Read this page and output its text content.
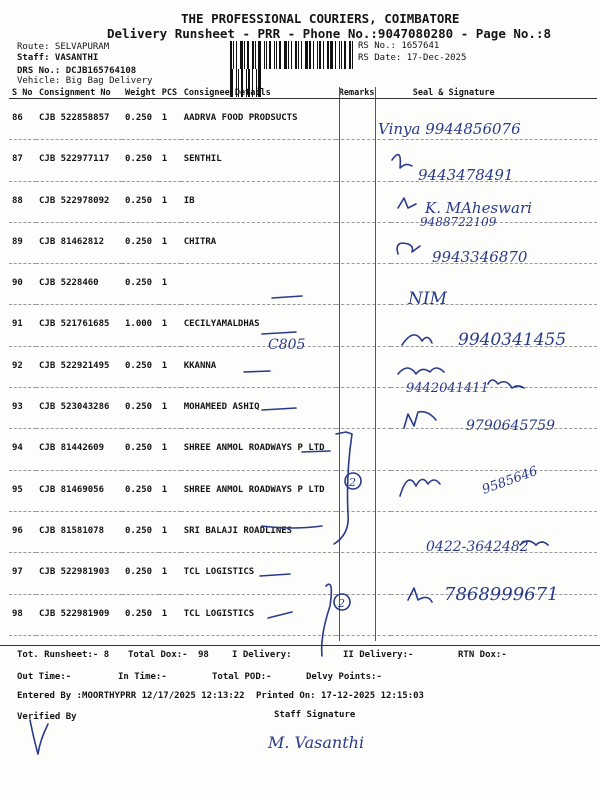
THE PROFESSIONAL COURIERS, COIMBATORE
Delivery Runsheet - PRR - Phone No.:9047080280 - Page No.:8
Route: SELVAPURAM
Staff: VASANTHI
DRS No.: DCJB165764108
Vehicle: Big Bag Delivery
RS No.: 1657641
RS Date: 17-Dec-2025
S No	Consignment No	Weight	PCS	Consignee Details	Remarks	Seal & Signature
86	CJB 522858857	0.250	1	AADRVA FOOD PRODSUCTS		
87	CJB 522977117	0.250	1	SENTHIL		
88	CJB 522978092	0.250	1	IB		
89	CJB 81462812	0.250	1	CHITRA		
90	CJB 5228460	0.250	1			
91	CJB 521761685	1.000	1	CECILYAMALDHAS		
92	CJB 522921495	0.250	1	KKANNA		
93	CJB 523043286	0.250	1	MOHAMEED ASHIQ		
94	CJB 81442609	0.250	1	SHREE ANMOL ROADWAYS P LTD		
95	CJB 81469056	0.250	1	SHREE ANMOL ROADWAYS P LTD		
96	CJB 81581078	0.250	1	SRI BALAJI ROADLINES		
97	CJB 522981903	0.250	1	TCL LOGISTICS		
98	CJB 522981909	0.250	1	TCL LOGISTICS		
Vinya 9944856076
9443478491
K. MAheswari
9488722109
9943346870
NIM
C805	9940341455
9442041411
9790645759
2	9585646
0422-3642482
2	7868999671
M. Vasanthi
Tot. Runsheet:- 8 Total Dox:- 98	I Delivery:	II Delivery:-	RTN Dox:-
Out Time:-	In Time:-	Total POD:-	Delvy Points:-
Entered By :MOORTHYPRR 12/17/2025 12:13:22 Printed On: 17-12-2025 12:15:03
Verified By	Staff Signature
